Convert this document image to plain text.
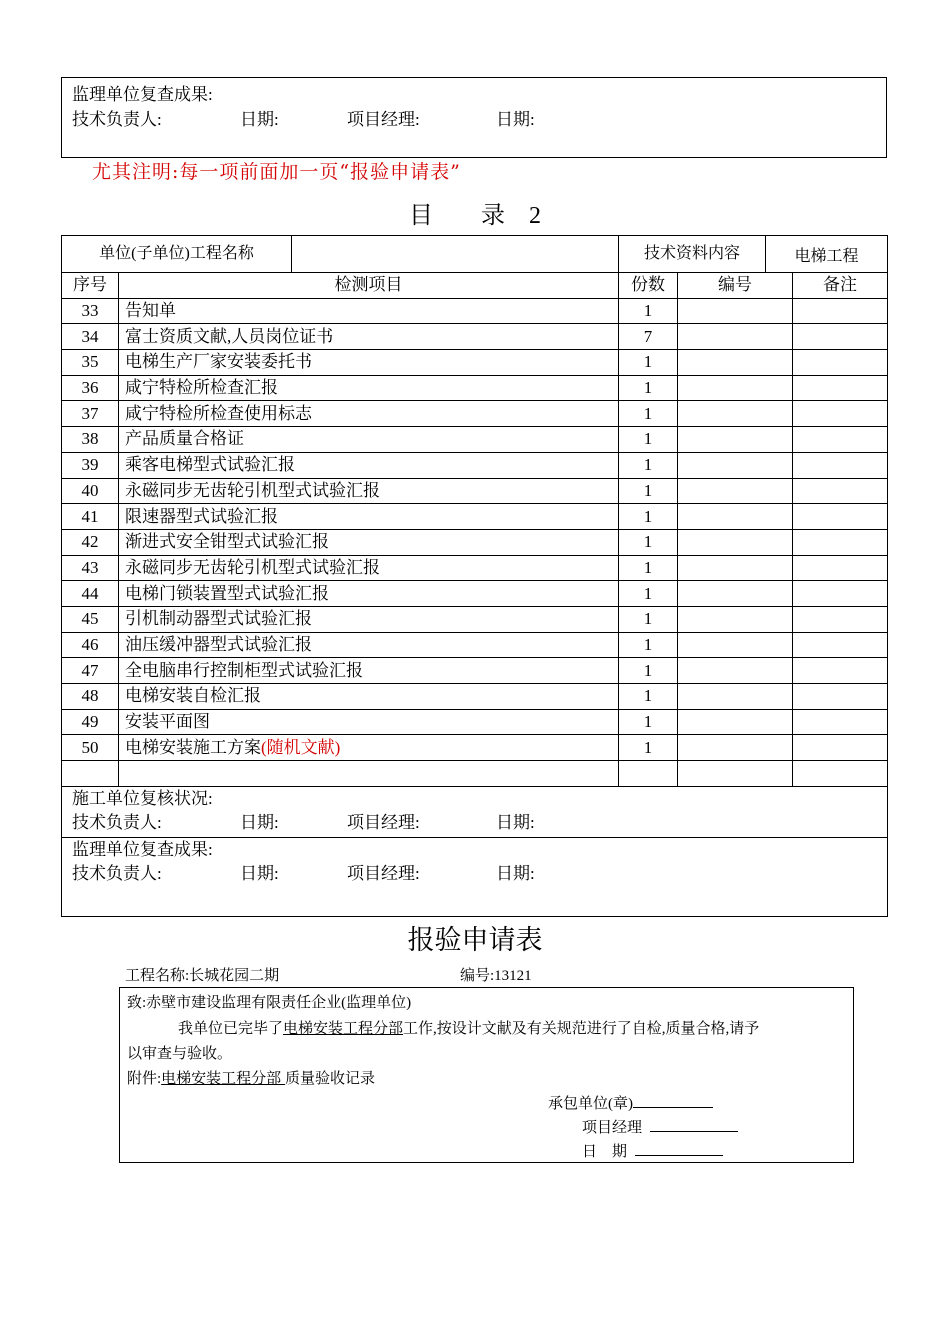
监理单位复查成果:
技术负责人:	日期:	项目经理:	日期:
尤其注明:每一项前面加一页“报验申请表”
目　　录　2
单位(子单位)工程名称			技术资料内容		电梯工程	
序号	检测项目		份数	编号		备注
33	告知单		1			
34	富士资质文献,人员岗位证书		7			
35	电梯生产厂家安装委托书		1			
36	咸宁特检所检查汇报		1			
37	咸宁特检所检查使用标志		1			
38	产品质量合格证		1			
39	乘客电梯型式试验汇报		1			
40	永磁同步无齿轮引机型式试验汇报		1			
41	限速器型式试验汇报		1			
42	渐进式安全钳型式试验汇报		1			
43	永磁同步无齿轮引机型式试验汇报		1			
44	电梯门锁装置型式试验汇报		1			
45	引机制动器型式试验汇报		1			
46	油压缓冲器型式试验汇报		1			
47	全电脑串行控制柜型式试验汇报		1			
48	电梯安装自检汇报		1			
49	安装平面图		1			
50	电梯安装施工方案(随机文献)		1			

施工单位复核状况:
技术负责人: 日期: 项目经理: 日期:						

监理单位复查成果:
技术负责人: 日期: 项目经理: 日期:						
报验申请表
工程名称:长城花园二期	编号:13121
致:赤壁市建设监理有限责任企业(监理单位)
我单位已完毕了电梯安装工程分部工作,按设计文献及有关规范进行了自检,质量合格,请予
以审查与验收。
附件:电梯安装工程分部 质量验收记录
承包单位(章)
项目经理
日　期
